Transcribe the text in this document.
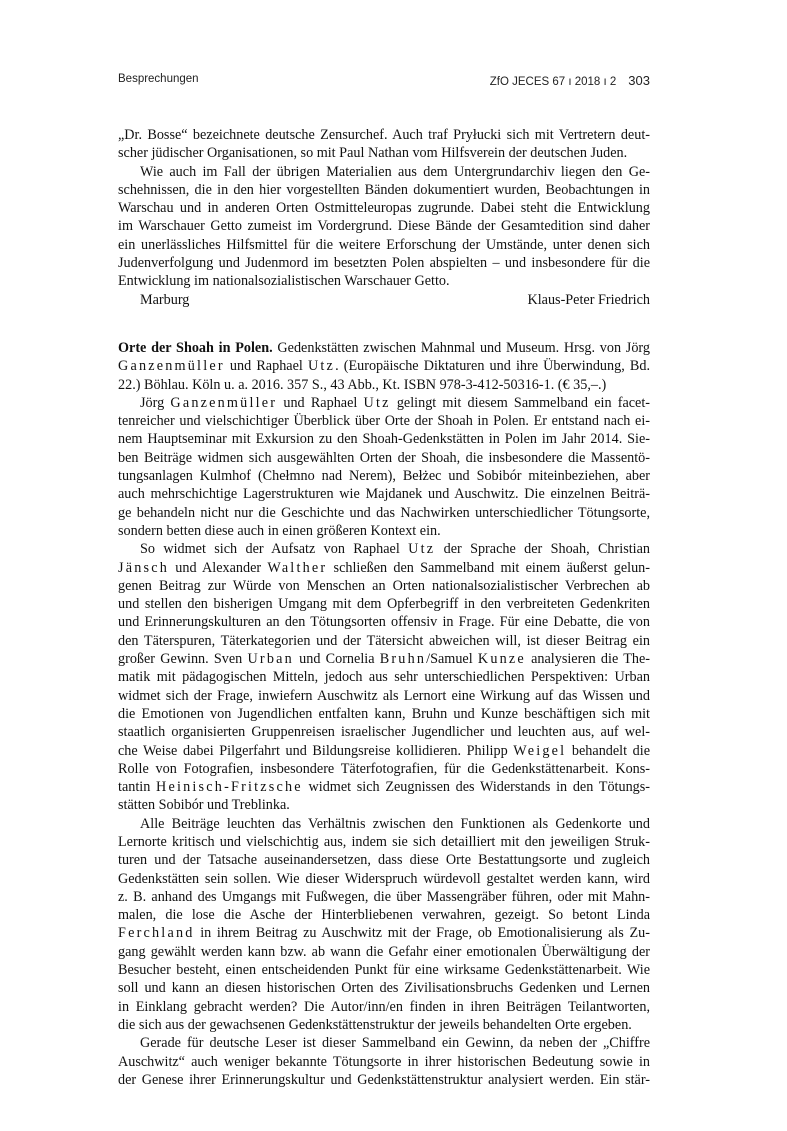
Besprechungen	ZfO JECES 67 ı 2018 ı 2 303
„Dr. Bosse“ bezeichnete deutsche Zensurchef. Auch traf Pryłucki sich mit Vertretern deut-
scher jüdischer Organisationen, so mit Paul Nathan vom Hilfsverein der deutschen Juden.
Wie auch im Fall der übrigen Materialien aus dem Untergrundarchiv liegen den Ge-
schehnissen, die in den hier vorgestellten Bänden dokumentiert wurden, Beobachtungen in
Warschau und in anderen Orten Ostmitteleuropas zugrunde. Dabei steht die Entwicklung
im Warschauer Getto zumeist im Vordergrund. Diese Bände der Gesamtedition sind daher
ein unerlässliches Hilfsmittel für die weitere Erforschung der Umstände, unter denen sich
Judenverfolgung und Judenmord im besetzten Polen abspielten – und insbesondere für die
Entwicklung im nationalsozialistischen Warschauer Getto.
Marburg	Klaus-Peter Friedrich
Orte der Shoah in Polen. Gedenkstätten zwischen Mahnmal und Museum. Hrsg. von Jörg
Ganzenmüller und Raphael Utz. (Europäische Diktaturen und ihre Überwindung, Bd.
22.) Böhlau. Köln u. a. 2016. 357 S., 43 Abb., Kt. ISBN 978-3-412-50316-1. (€ 35,–.)
Jörg Ganzenmüller und Raphael Utz gelingt mit diesem Sammelband ein facet-
tenreicher und vielschichtiger Überblick über Orte der Shoah in Polen. Er entstand nach ei-
nem Hauptseminar mit Exkursion zu den Shoah-Gedenkstätten in Polen im Jahr 2014. Sie-
ben Beiträge widmen sich ausgewählten Orten der Shoah, die insbesondere die Massentö-
tungsanlagen Kulmhof (Chełmno nad Nerem), Bełżec und Sobibór miteinbeziehen, aber
auch mehrschichtige Lagerstrukturen wie Majdanek und Auschwitz. Die einzelnen Beiträ-
ge behandeln nicht nur die Geschichte und das Nachwirken unterschiedlicher Tötungsorte,
sondern betten diese auch in einen größeren Kontext ein.
So widmet sich der Aufsatz von Raphael Utz der Sprache der Shoah, Christian
Jänsch und Alexander Walther schließen den Sammelband mit einem äußerst gelun-
genen Beitrag zur Würde von Menschen an Orten nationalsozialistischer Verbrechen ab
und stellen den bisherigen Umgang mit dem Opferbegriff in den verbreiteten Gedenkriten
und Erinnerungskulturen an den Tötungsorten offensiv in Frage. Für eine Debatte, die von
den Täterspuren, Täterkategorien und der Tätersicht abweichen will, ist dieser Beitrag ein
großer Gewinn. Sven Urban und Cornelia Bruhn/Samuel Kunze analysieren die The-
matik mit pädagogischen Mitteln, jedoch aus sehr unterschiedlichen Perspektiven: Urban
widmet sich der Frage, inwiefern Auschwitz als Lernort eine Wirkung auf das Wissen und
die Emotionen von Jugendlichen entfalten kann, Bruhn und Kunze beschäftigen sich mit
staatlich organisierten Gruppenreisen israelischer Jugendlicher und leuchten aus, auf wel-
che Weise dabei Pilgerfahrt und Bildungsreise kollidieren. Philipp Weigel behandelt die
Rolle von Fotografien, insbesondere Täterfotografien, für die Gedenkstättenarbeit. Kons-
tantin Heinisch-Fritzsche widmet sich Zeugnissen des Widerstands in den Tötungs-
stätten Sobibór und Treblinka.
Alle Beiträge leuchten das Verhältnis zwischen den Funktionen als Gedenkorte und
Lernorte kritisch und vielschichtig aus, indem sie sich detailliert mit den jeweiligen Struk-
turen und der Tatsache auseinandersetzen, dass diese Orte Bestattungsorte und zugleich
Gedenkstätten sein sollen. Wie dieser Widerspruch würdevoll gestaltet werden kann, wird
z. B. anhand des Umgangs mit Fußwegen, die über Massengräber führen, oder mit Mahn-
malen, die lose die Asche der Hinterbliebenen verwahren, gezeigt. So betont Linda
Ferchland in ihrem Beitrag zu Auschwitz mit der Frage, ob Emotionalisierung als Zu-
gang gewählt werden kann bzw. ab wann die Gefahr einer emotionalen Überwältigung der
Besucher besteht, einen entscheidenden Punkt für eine wirksame Gedenkstättenarbeit. Wie
soll und kann an diesen historischen Orten des Zivilisationsbruchs Gedenken und Lernen
in Einklang gebracht werden? Die Autor/inn/en finden in ihren Beiträgen Teilantworten,
die sich aus der gewachsenen Gedenkstättenstruktur der jeweils behandelten Orte ergeben.
Gerade für deutsche Leser ist dieser Sammelband ein Gewinn, da neben der „Chiffre
Auschwitz“ auch weniger bekannte Tötungsorte in ihrer historischen Bedeutung sowie in
der Genese ihrer Erinnerungskultur und Gedenkstättenstruktur analysiert werden. Ein stär-
